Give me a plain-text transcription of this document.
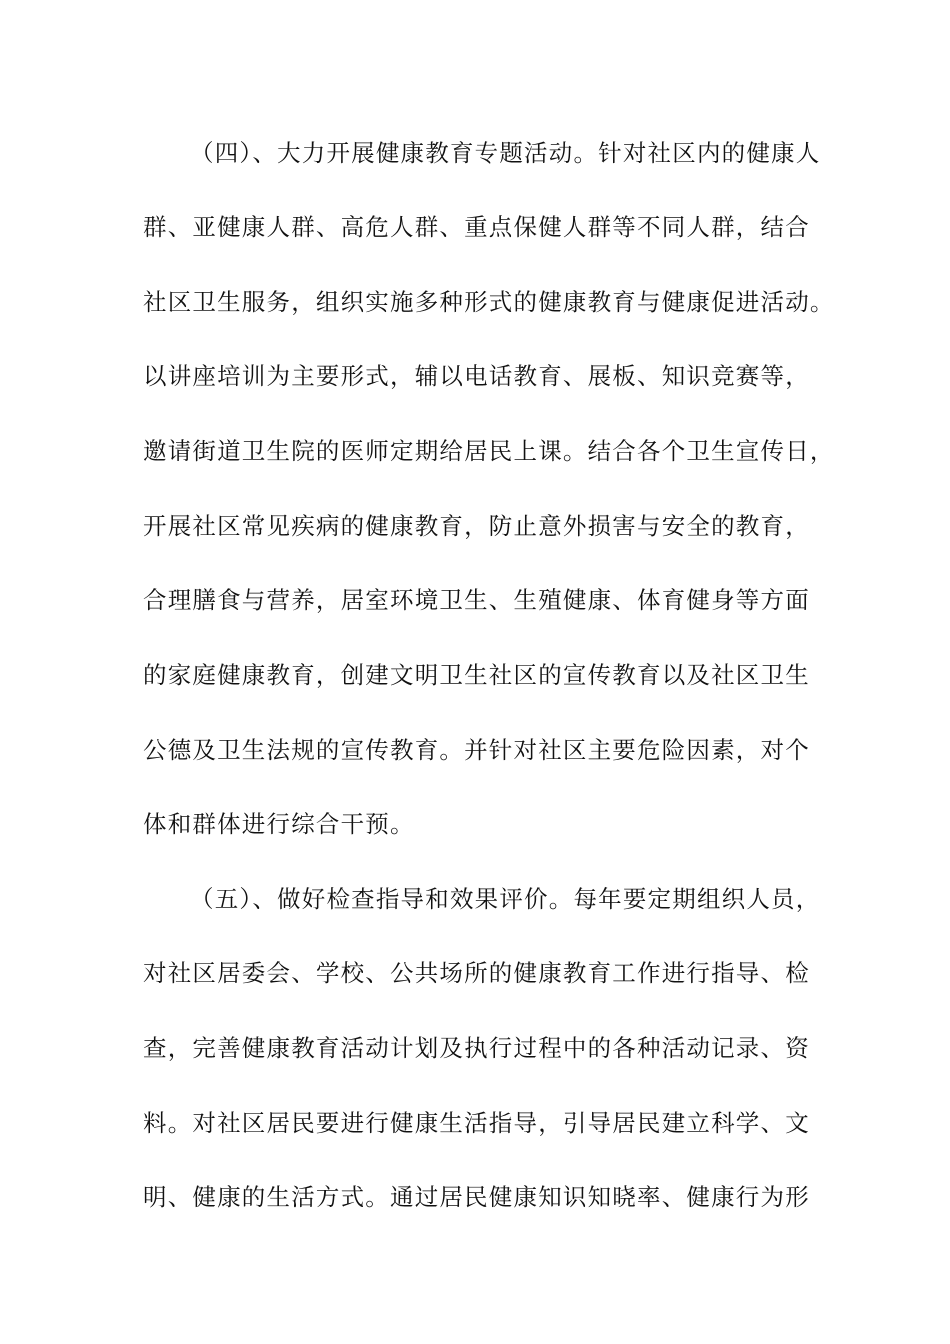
（四）、大力开展健康教育专题活动。针对社区内的健康人

群、亚健康人群、高危人群、重点保健人群等不同人群，结合

社区卫生服务，组织实施多种形式的健康教育与健康促进活动。

以讲座培训为主要形式，辅以电话教育、展板、知识竞赛等，

邀请街道卫生院的医师定期给居民上课。结合各个卫生宣传日，

开展社区常见疾病的健康教育，防止意外损害与安全的教育，

合理膳食与营养，居室环境卫生、生殖健康、体育健身等方面

的家庭健康教育，创建文明卫生社区的宣传教育以及社区卫生

公德及卫生法规的宣传教育。并针对社区主要危险因素，对个

体和群体进行综合干预。

（五）、做好检查指导和效果评价。每年要定期组织人员，

对社区居委会、学校、公共场所的健康教育工作进行指导、检

查，完善健康教育活动计划及执行过程中的各种活动记录、资

料。对社区居民要进行健康生活指导，引导居民建立科学、文

明、健康的生活方式。通过居民健康知识知晓率、健康行为形
